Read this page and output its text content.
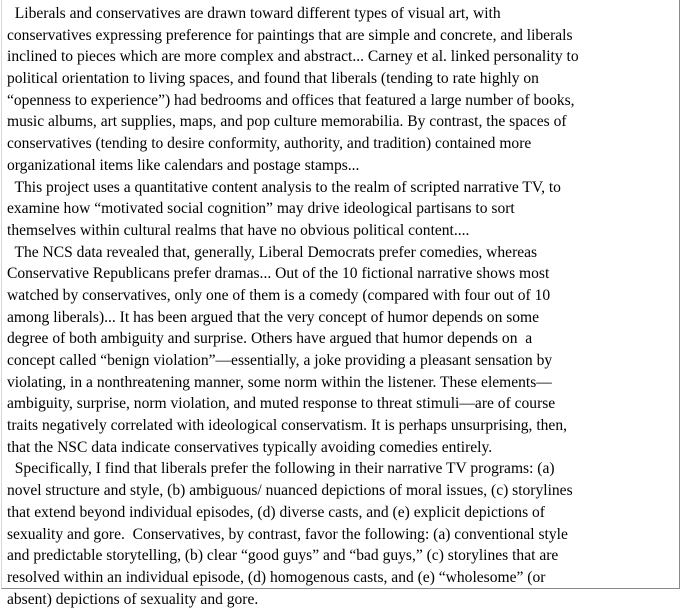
Liberals and conservatives are drawn toward different types of visual art, with
conservatives expressing preference for paintings that are simple and concrete, and liberals
inclined to pieces which are more complex and abstract... Carney et al. linked personality to
political orientation to living spaces, and found that liberals (tending to rate highly on
“openness to experience”) had bedrooms and offices that featured a large number of books,
music albums, art supplies, maps, and pop culture memorabilia. By contrast, the spaces of
conservatives (tending to desire conformity, authority, and tradition) contained more
organizational items like calendars and postage stamps...
This project uses a quantitative content analysis to the realm of scripted narrative TV, to
examine how “motivated social cognition” may drive ideological partisans to sort
themselves within cultural realms that have no obvious political content....
The NCS data revealed that, generally, Liberal Democrats prefer comedies, whereas
Conservative Republicans prefer dramas... Out of the 10 fictional narrative shows most
watched by conservatives, only one of them is a comedy (compared with four out of 10
among liberals)... It has been argued that the very concept of humor depends on some
degree of both ambiguity and surprise. Others have argued that humor depends on  a
concept called “benign violation”—essentially, a joke providing a pleasant sensation by
violating, in a nonthreatening manner, some norm within the listener. These elements—
ambiguity, surprise, norm violation, and muted response to threat stimuli—are of course
traits negatively correlated with ideological conservatism. It is perhaps unsurprising, then,
that the NSC data indicate conservatives typically avoiding comedies entirely.
Specifically, I find that liberals prefer the following in their narrative TV programs: (a)
novel structure and style, (b) ambiguous/ nuanced depictions of moral issues, (c) storylines
that extend beyond individual episodes, (d) diverse casts, and (e) explicit depictions of
sexuality and gore.  Conservatives, by contrast, favor the following: (a) conventional style
and predictable storytelling, (b) clear “good guys” and “bad guys,” (c) storylines that are
resolved within an individual episode, (d) homogenous casts, and (e) “wholesome” (or
absent) depictions of sexuality and gore.
